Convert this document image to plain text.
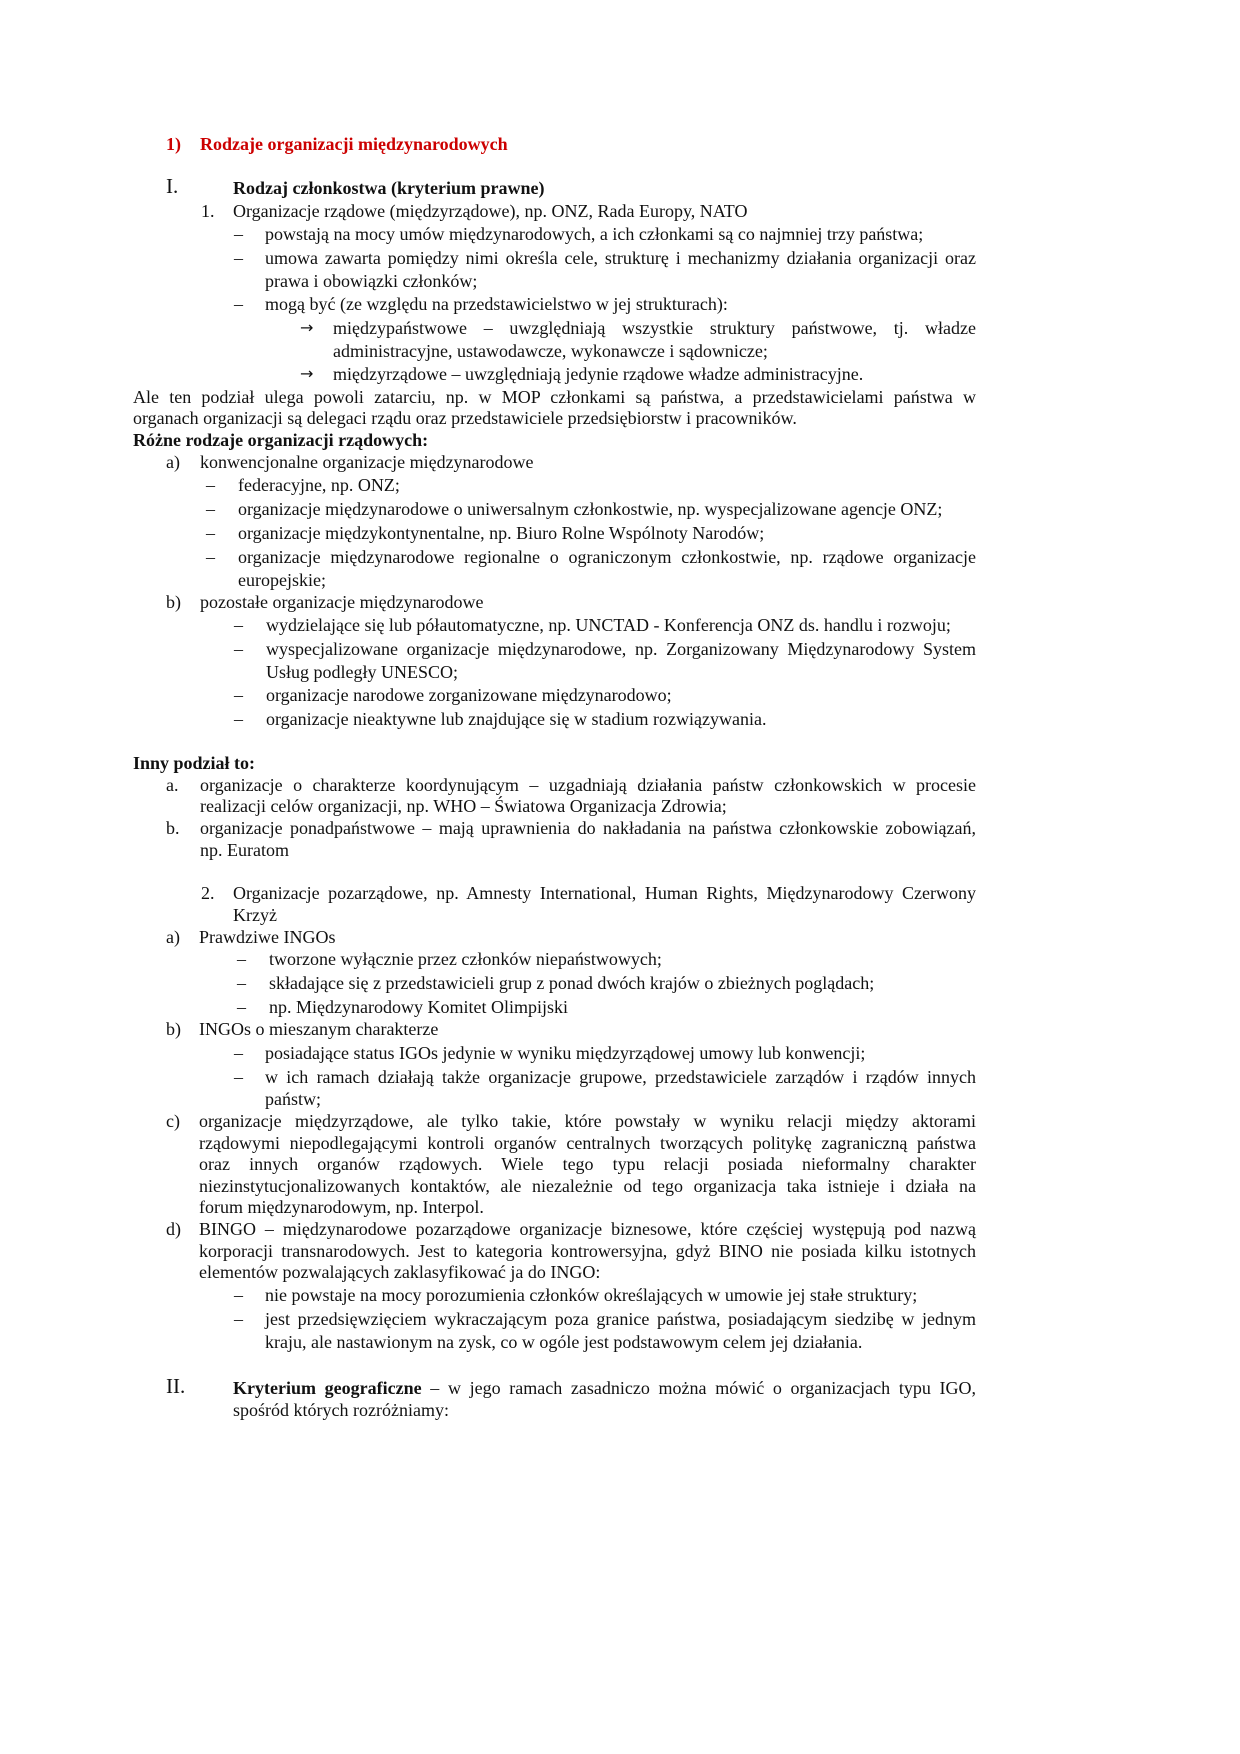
1) Rodzaje organizacji międzynarodowych
I.	Rodzaj członkostwa (kryterium prawne)
1. Organizacje rządowe (międzyrządowe), np. ONZ, Rada Europy, NATO
– powstają na mocy umów międzynarodowych, a ich członkami są co najmniej trzy państwa;
– umowa zawarta pomiędzy nimi określa cele, strukturę i mechanizmy działania organizacji oraz
prawa i obowiązki członków;
– mogą być (ze względu na przedstawicielstwo w jej strukturach):
→ międzypaństwowe – uwzględniają wszystkie struktury państwowe, tj. władze
administracyjne, ustawodawcze, wykonawcze i sądownicze;
→ międzyrządowe – uwzględniają jedynie rządowe władze administracyjne.
Ale ten podział ulega powoli zatarciu, np. w MOP członkami są państwa, a przedstawicielami państwa w
organach organizacji są delegaci rządu oraz przedstawiciele przedsiębiorstw i pracowników.
Różne rodzaje organizacji rządowych:
a) konwencjonalne organizacje międzynarodowe
– federacyjne, np. ONZ;
– organizacje międzynarodowe o uniwersalnym członkostwie, np. wyspecjalizowane agencje ONZ;
– organizacje międzykontynentalne, np. Biuro Rolne Wspólnoty Narodów;
– organizacje międzynarodowe regionalne o ograniczonym członkostwie, np. rządowe organizacje
europejskie;
b) pozostałe organizacje międzynarodowe
– wydzielające się lub półautomatyczne, np. UNCTAD - Konferencja ONZ ds. handlu i rozwoju;
– wyspecjalizowane organizacje międzynarodowe, np. Zorganizowany Międzynarodowy System
Usług podległy UNESCO;
– organizacje narodowe zorganizowane międzynarodowo;
– organizacje nieaktywne lub znajdujące się w stadium rozwiązywania.
Inny podział to:
a. organizacje o charakterze koordynującym – uzgadniają działania państw członkowskich w procesie
realizacji celów organizacji, np. WHO – Światowa Organizacja Zdrowia;
b. organizacje ponadpaństwowe – mają uprawnienia do nakładania na państwa członkowskie zobowiązań,
np. Euratom
2. Organizacje pozarządowe, np. Amnesty International, Human Rights, Międzynarodowy Czerwony
Krzyż
a) Prawdziwe INGOs
– tworzone wyłącznie przez członków niepaństwowych;
– składające się z przedstawicieli grup z ponad dwóch krajów o zbieżnych poglądach;
– np. Międzynarodowy Komitet Olimpijski
b) INGOs o mieszanym charakterze
– posiadające status IGOs jedynie w wyniku międzyrządowej umowy lub konwencji;
– w ich ramach działają także organizacje grupowe, przedstawiciele zarządów i rządów innych
państw;
c) organizacje międzyrządowe, ale tylko takie, które powstały w wyniku relacji między aktorami
rządowymi niepodlegającymi kontroli organów centralnych tworzących politykę zagraniczną państwa
oraz innych organów rządowych. Wiele tego typu relacji posiada nieformalny charakter
niezinstytucjonalizowanych kontaktów, ale niezależnie od tego organizacja taka istnieje i działa na
forum międzynarodowym, np. Interpol.
d) BINGO – międzynarodowe pozarządowe organizacje biznesowe, które częściej występują pod nazwą
korporacji transnarodowych. Jest to kategoria kontrowersyjna, gdyż BINO nie posiada kilku istotnych
elementów pozwalających zaklasyfikować ja do INGO:
– nie powstaje na mocy porozumienia członków określających w umowie jej stałe struktury;
– jest przedsięwzięciem wykraczającym poza granice państwa, posiadającym siedzibę w jednym
kraju, ale nastawionym na zysk, co w ogóle jest podstawowym celem jej działania.
II.	Kryterium geograficzne – w jego ramach zasadniczo można mówić o organizacjach typu IGO,
spośród których rozróżniamy:
